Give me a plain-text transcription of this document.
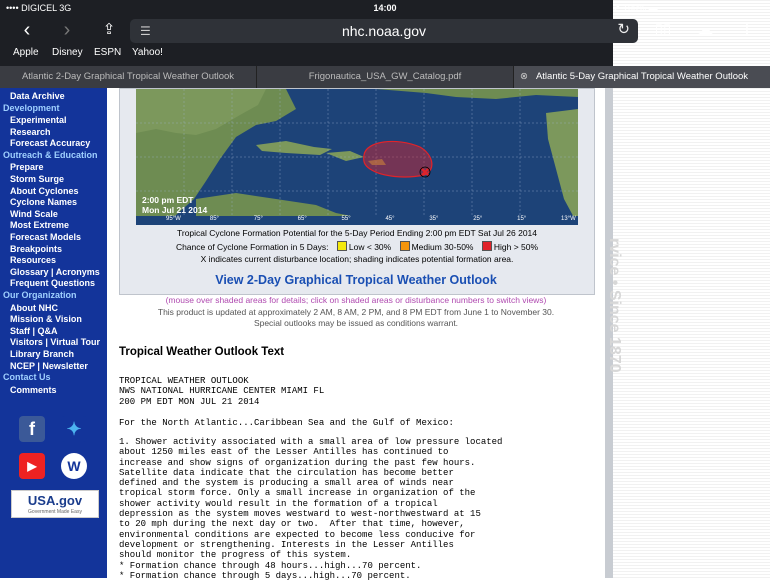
•••• DIGICEL 3G	14:00	➚ 100% ▬
‹	›	⇪	☰	nhc.noaa.gov	↻	▯▯ ☁	+
Apple Disney ESPN Yahoo!
Atlantic 2-Day Graphical Tropical Weather Outlook	Frigonautica_USA_GW_Catalog.pdf	⊗ Atlantic 5-Day Graphical Tropical Weather Outlook
Data Archive
Development
Experimental
Research
Forecast Accuracy
Outreach & Education
Prepare
Storm Surge
About Cyclones
Cyclone Names
Wind Scale
Most Extreme
Forecast Models
Breakpoints
Resources
Glossary | Acronyms
Frequent Questions
Our Organization
About NHC
Mission & Vision
Staff | Q&A
Visitors | Virtual Tour
Library Branch
NCEP | Newsletter
Contact Us
Comments
f	✦
▶	W
USA.gov
Government Made Easy
2:00 pm EDT
Mon Jul 21 2014
95°W	85°	75°	65°	55°	45°	35°	25°	15°	13°W
Tropical Cyclone Formation Potential for the 5-Day Period Ending 2:00 pm EDT Sat Jul 26 2014
Chance of Cyclone Formation in 5 Days: Low < 30% Medium 30-50% High > 50%
X indicates current disturbance location; shading indicates potential formation area.
View 2-Day Graphical Tropical Weather Outlook
(mouse over shaded areas for details; click on shaded areas or disturbance numbers to switch views)
This product is updated at approximately 2 AM, 8 AM, 2 PM, and 8 PM EDT from June 1 to November 30.
Special outlooks may be issued as conditions warrant.
Tropical Weather Outlook Text
TROPICAL WEATHER OUTLOOK
NWS NATIONAL HURRICANE CENTER MIAMI FL
200 PM EDT MON JUL 21 2014
For the North Atlantic...Caribbean Sea and the Gulf of Mexico:
1. Shower activity associated with a small area of low pressure located
about 1250 miles east of the Lesser Antilles has continued to
increase and show signs of organization during the past few hours.
Satellite data indicate that the circulation has become better
defined and the system is producing a small area of winds near
tropical storm force. Only a small increase in organization of the
shower activity would result in the formation of a tropical
depression as the system moves westward to west-northwestward at 15
to 20 mph during the next day or two.  After that time, however,
environmental conditions are expected to become less conducive for
development or strengthening. Interests in the Lesser Antilles
should monitor the progress of this system.
* Formation chance through 48 hours...high...70 percent.
* Formation chance through 5 days...high...70 percent.
rvice • Since 1870
